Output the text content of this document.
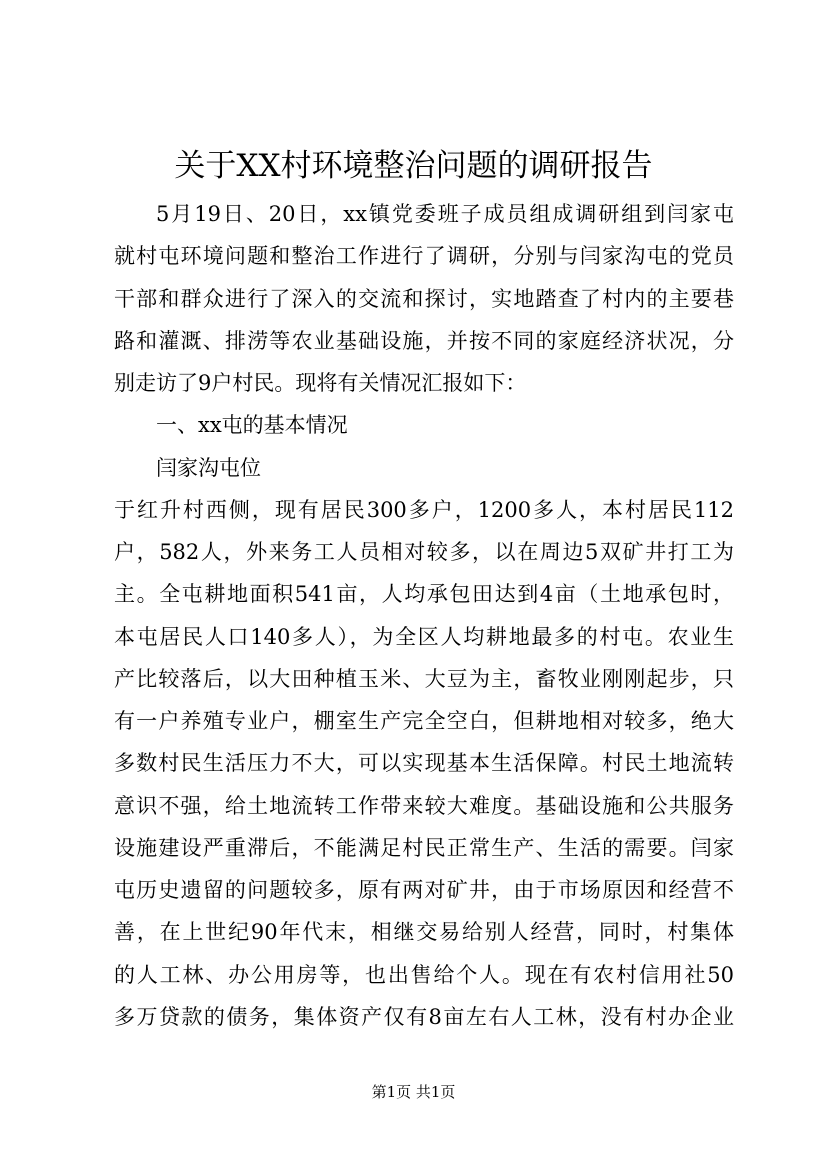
关于XX村环境整治问题的调研报告
5月19日、20日，xx镇党委班子成员组成调研组到闫家屯
就村屯环境问题和整治工作进行了调研，分别与闫家沟屯的党员
干部和群众进行了深入的交流和探讨，实地踏查了村内的主要巷
路和灌溉、排涝等农业基础设施，并按不同的家庭经济状况，分
别走访了9户村民。现将有关情况汇报如下：
一、xx屯的基本情况
闫家沟屯位
于红升村西侧，现有居民300多户，1200多人，本村居民112
户，582人，外来务工人员相对较多，以在周边5双矿井打工为
主。全屯耕地面积541亩，人均承包田达到4亩（土地承包时，
本屯居民人口140多人），为全区人均耕地最多的村屯。农业生
产比较落后，以大田种植玉米、大豆为主，畜牧业刚刚起步，只
有一户养殖专业户，棚室生产完全空白，但耕地相对较多，绝大
多数村民生活压力不大，可以实现基本生活保障。村民土地流转
意识不强，给土地流转工作带来较大难度。基础设施和公共服务
设施建设严重滞后，不能满足村民正常生产、生活的需要。闫家
屯历史遗留的问题较多，原有两对矿井，由于市场原因和经营不
善，在上世纪90年代末，相继交易给别人经营，同时，村集体
的人工林、办公用房等，也出售给个人。现在有农村信用社50
多万贷款的债务，集体资产仅有8亩左右人工林，没有村办企业
第1页 共1页
